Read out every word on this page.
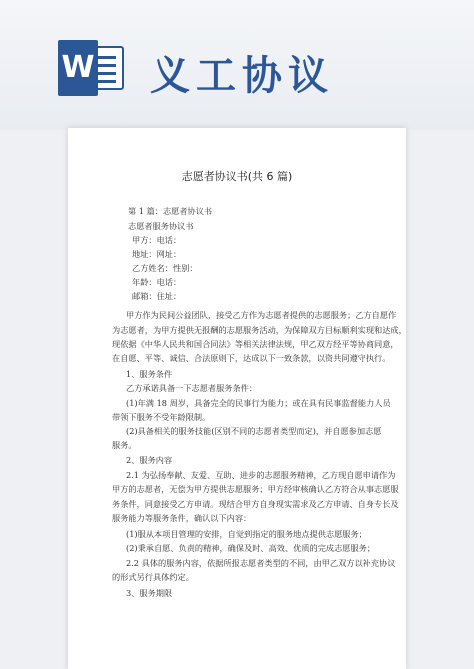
W 义工协议
志愿者协议书(共 6 篇)

第 1 篇：志愿者协议书

志愿者服务协议书

甲方：电话：

地址：网址：

乙方姓名：性别：

年龄：电话：

邮箱：住址：

甲方作为民间公益团队，接受乙方作为志愿者提供的志愿服务；乙方自愿作

为志愿者，为甲方提供无报酬的志愿服务活动，为保障双方目标顺利实现和达成，

现依据《中华人民共和国合同法》等相关法律法规，甲乙双方经平等协商同意，

在自愿、平等、诚信、合法原则下，达成以下一致条款，以资共同遵守执行。

1、服务条件

乙方承诺具备一下志愿者服务条件：

(1)年满 18 周岁，具备完全的民事行为能力；或在具有民事监督能力人员

带领下服务不受年龄限制。

(2)具备相关的服务技能(区别不同的志愿者类型而定)，并自愿参加志愿

服务。

2、服务内容

2.1 为弘扬奉献、友爱、互助、进步的志愿服务精神，乙方现自愿申请作为

甲方的志愿者，无偿为甲方提供志愿服务；甲方经审核确认乙方符合从事志愿服

务条件，同意接受乙方申请。现结合甲方自身现实需求及乙方申请、自身专长及

服务能力等服务条件，确认以下内容：

(1)服从本项目管理的安排，自觉到指定的服务地点提供志愿服务；

(2)秉承自愿、负责的精神，确保及时、高效、优质的完成志愿服务；

2.2 具体的服务内容，依据所报志愿者类型的不同，由甲乙双方以补充协议

的形式另行具体约定。

3、服务期限
